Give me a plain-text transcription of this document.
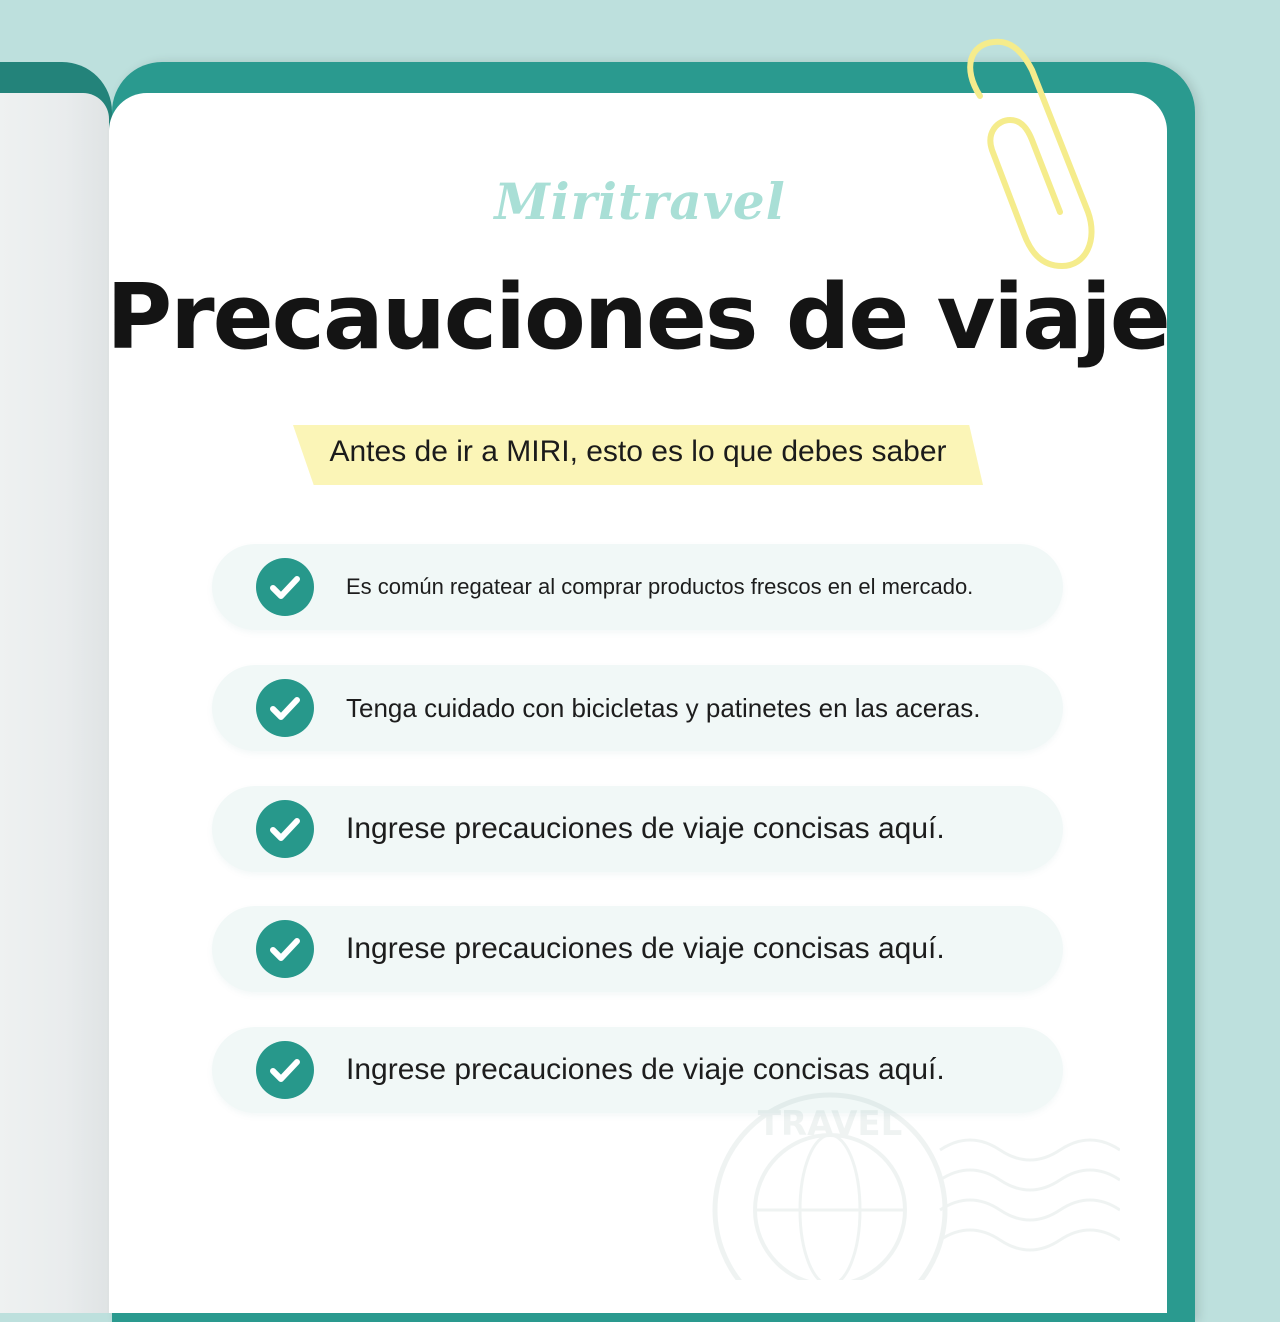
Miritravel
Precauciones de viaje
Antes de ir a MIRI, esto es lo que debes saber
Es común regatear al comprar productos frescos en el mercado.
Tenga cuidado con bicicletas y patinetes en las aceras.
Ingrese precauciones de viaje concisas aquí.
Ingrese precauciones de viaje concisas aquí.
Ingrese precauciones de viaje concisas aquí.
TRAVEL
